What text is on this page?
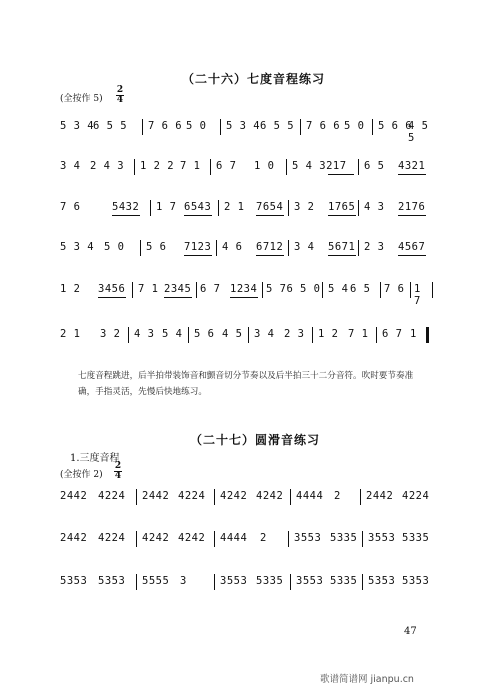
（二十六）七度音程练习
(全按作 $5) \frac{2}{4}$
5 3 4
6 5 5 7 6 6 5 0 5 3 4 6 5 5 7 6 6 5 0 5 6 6
4 5 5
3 4 2 4 3 1 2 2 7 1 6 7 1 0 5 4 3217 6 5 4321
7 6	5432 1 7 6543 2 1 7654 3 2 1765 4 3 2176
5 3 4 5 0 5 6 7123 4 6 6712 3 4 5671 2 3 4567
1 2 3456 7 1 2345 6 7 1234 5 76 5 0 5 4 6 5 7 6 1 7
2 1 3 2 4 3 5 4 5 6 4 5 3 4 2 3 1 2 7 1 6 7 1
七度音程跳进，后半拍带装饰音和颤音切分节奏以及后半拍三十二分音符。吹时要节奏准确，手指灵活，先慢后快地练习。
（二十七）圆滑音练习
1.三度音程
(全按作 $2) \frac{2}{4}$
2442 4224 2442 4224 4242 4242 4444 2 2442 4224
2442 4224 4242 4242 4444 2	3553 5335 3553 5335
5353 5353 5555 3	3553 5335 3553 5335 5353 5353
47
歌谱简谱网 jianpu.cn
